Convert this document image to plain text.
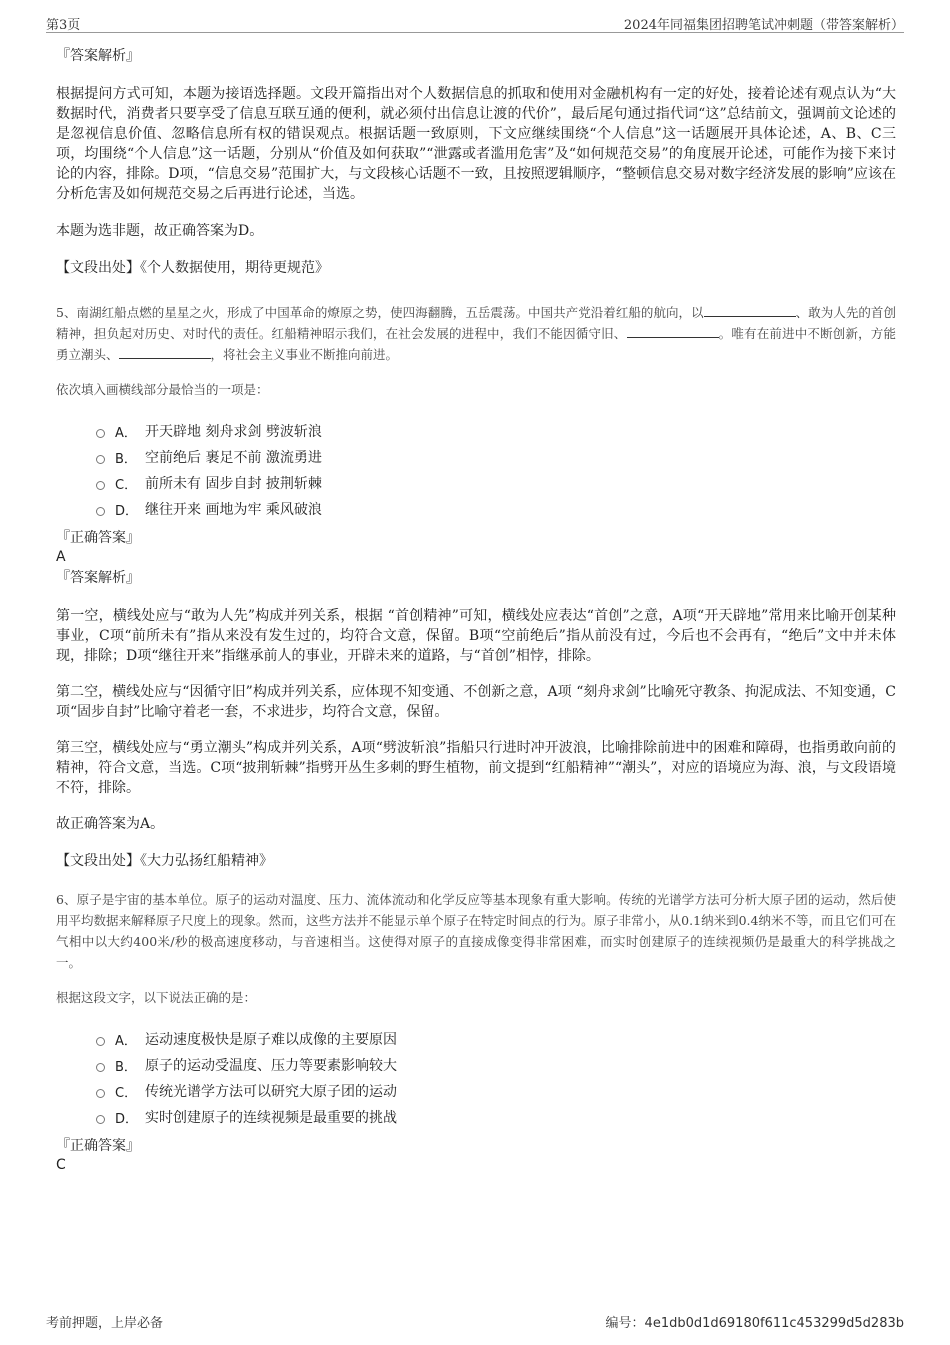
第3页	2024年同福集团招聘笔试冲刺题（带答案解析）

『答案解析』

根据提问方式可知，本题为接语选择题。文段开篇指出对个人数据信息的抓取和使用对金融机构有一定的好处，接着论述有观点认为“大数据时代，消费者只要享受了信息互联互通的便利，就必须付出信息让渡的代价”，最后尾句通过指代词“这”总结前文，强调前文论述的是忽视信息价值、忽略信息所有权的错误观点。根据话题一致原则，下文应继续围绕“个人信息”这一话题展开具体论述，A、B、C三项，均围绕“个人信息”这一话题，分别从“价值及如何获取”“泄露或者滥用危害”及“如何规范交易”的角度展开论述，可能作为接下来讨论的内容，排除。D项，“信息交易”范围扩大，与文段核心话题不一致，且按照逻辑顺序，“整顿信息交易对数字经济发展的影响”应该在分析危害及如何规范交易之后再进行论述，当选。

本题为选非题，故正确答案为D。

【文段出处】《个人数据使用，期待更规范》

5、南湖红船点燃的星星之火，形成了中国革命的燎原之势，使四海翻腾，五岳震荡。中国共产党沿着红船的航向，以	、敢为人先的首创精神，担负起对历史、对时代的责任。红船精神昭示我们，在社会发展的进程中，我们不能因循守旧、	。唯有在前进中不断创新，方能勇立潮头、	，将社会主义事业不断推向前进。

依次填入画横线部分最恰当的一项是：

A． 开天辟地 刻舟求剑 劈波斩浪
B． 空前绝后 裹足不前 激流勇进
C． 前所未有 固步自封 披荆斩棘
D． 继往开来 画地为牢 乘风破浪

『正确答案』

A

『答案解析』

第一空，横线处应与“敢为人先”构成并列关系，根据 “首创精神”可知，横线处应表达“首创”之意，A项“开天辟地”常用来比喻开创某种事业，C项“前所未有”指从来没有发生过的，均符合文意，保留。B项“空前绝后”指从前没有过，今后也不会再有，“绝后”文中并未体现，排除；D项“继往开来”指继承前人的事业，开辟未来的道路，与“首创”相悖，排除。

第二空，横线处应与“因循守旧”构成并列关系，应体现不知变通、不创新之意，A项 “刻舟求剑”比喻死守教条、拘泥成法、不知变通，C项“固步自封”比喻守着老一套，不求进步，均符合文意，保留。

第三空，横线处应与“勇立潮头”构成并列关系，A项“劈波斩浪”指船只行进时冲开波浪，比喻排除前进中的困难和障碍，也指勇敢向前的精神，符合文意，当选。C项“披荆斩棘”指劈开丛生多刺的野生植物，前文提到“红船精神”“潮头”，对应的语境应为海、浪，与文段语境不符，排除。

故正确答案为A。

【文段出处】《大力弘扬红船精神》

6、原子是宇宙的基本单位。原子的运动对温度、压力、流体流动和化学反应等基本现象有重大影响。传统的光谱学方法可分析大原子团的运动，然后使用平均数据来解释原子尺度上的现象。然而，这些方法并不能显示单个原子在特定时间点的行为。原子非常小，从0.1纳米到0.4纳米不等，而且它们可在气相中以大约400米/秒的极高速度移动，与音速相当。这使得对原子的直接成像变得非常困难，而实时创建原子的连续视频仍是最重大的科学挑战之一。

根据这段文字，以下说法正确的是：

A． 运动速度极快是原子难以成像的主要原因
B． 原子的运动受温度、压力等要素影响较大
C． 传统光谱学方法可以研究大原子团的运动
D． 实时创建原子的连续视频是最重要的挑战

『正确答案』

C

考前押题，上岸必备	编号：4e1db0d1d69180f611c453299d5d283b
